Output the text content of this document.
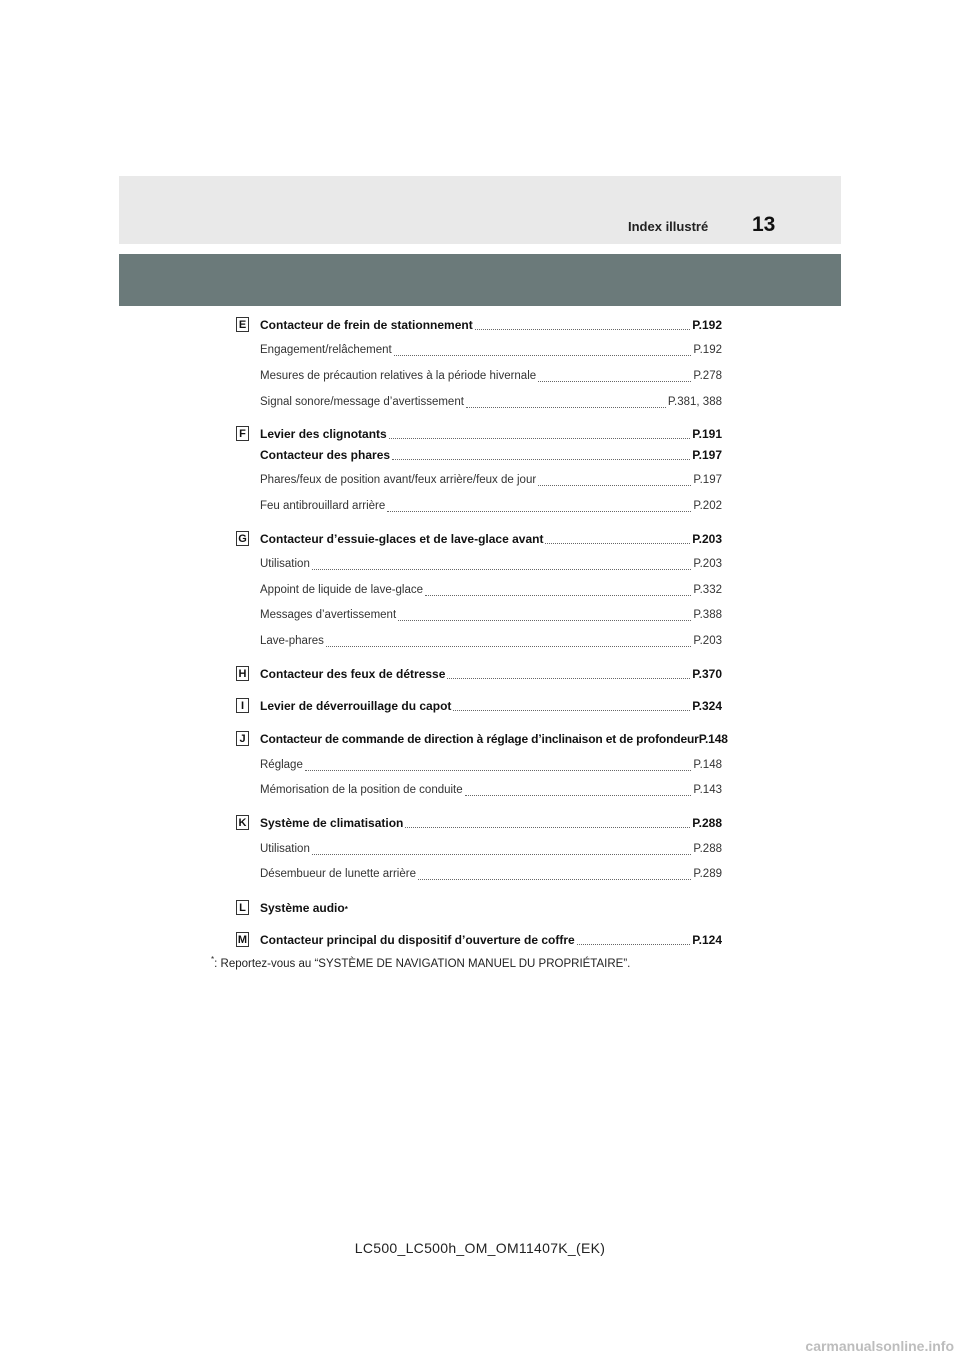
Index illustré 13
E Contacteur de frein de stationnement	P.192
Engagement/relâchement	P.192
Mesures de précaution relatives à la période hivernale	P.278
Signal sonore/message d’avertissement	P.381, 388
F Levier des clignotants	P.191
Contacteur des phares	P.197
Phares/feux de position avant/feux arrière/feux de jour	P.197
Feu antibrouillard arrière	P.202
G Contacteur d’essuie-glaces et de lave-glace avant	P.203
Utilisation	P.203
Appoint de liquide de lave-glace	P.332
Messages d’avertissement	P.388
Lave-phares	P.203
H Contacteur des feux de détresse	P.370
I	Levier de déverrouillage du capot	P.324
J Contacteur de commande de direction à réglage d’inclinaison et de profondeur P.148
Réglage	P.148
Mémorisation de la position de conduite	P.143
K Système de climatisation	P.288
Utilisation	P.288
Désembueur de lunette arrière	P.289
L Système audio *
M Contacteur principal du dispositif d’ouverture de coffre	P.124
*: Reportez-vous au “SYSTÈME DE NAVIGATION MANUEL DU PROPRIÉTAIRE”.
LC500_LC500h_OM_OM11407K_(EK)
carmanualsonline.info
